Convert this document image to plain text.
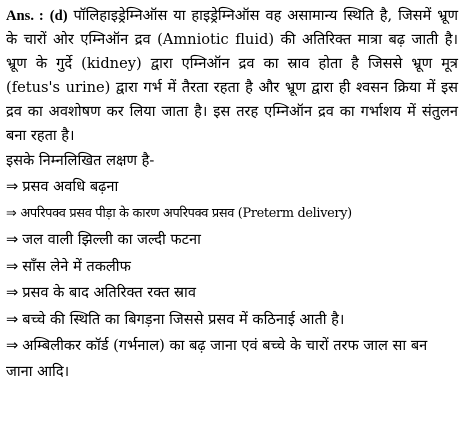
Ans. : (d) पॉलिहाइड्रेम्निऑस या हाइड्रेम्निऑस वह असामान्य स्थिति है, जिसमें भ्रूण के चारों ओर एम्निऑन द्रव (Amniotic fluid) की अतिरिक्त मात्रा बढ़ जाती है। भ्रूण के गुर्दे (kidney) द्वारा एम्निऑन द्रव का स्राव होता है जिससे भ्रूण मूत्र (fetus's urine) द्वारा गर्भ में तैरता रहता है और भ्रूण द्वारा ही श्वसन क्रिया में इस द्रव का अवशोषण कर लिया जाता है। इस तरह एम्निऑन द्रव का गर्भाशय में संतुलन बना रहता है।

इसके निम्नलिखित लक्षण है-

⇒ प्रसव अवधि बढ़ना
⇒ अपरिपक्व प्रसव पीड़ा के कारण अपरिपक्व प्रसव (Preterm delivery)
⇒ जल वाली झिल्ली का जल्दी फटना
⇒ साँस लेने में तकलीफ
⇒ प्रसव के बाद अतिरिक्त रक्त स्राव
⇒ बच्चे की स्थिति का बिगड़ना जिससे प्रसव में कठिनाई आती है।
⇒ अम्बिलीकर कॉर्ड (गर्भनाल) का बढ़ जाना एवं बच्चे के चारों तरफ जाल सा बन जाना आदि।
